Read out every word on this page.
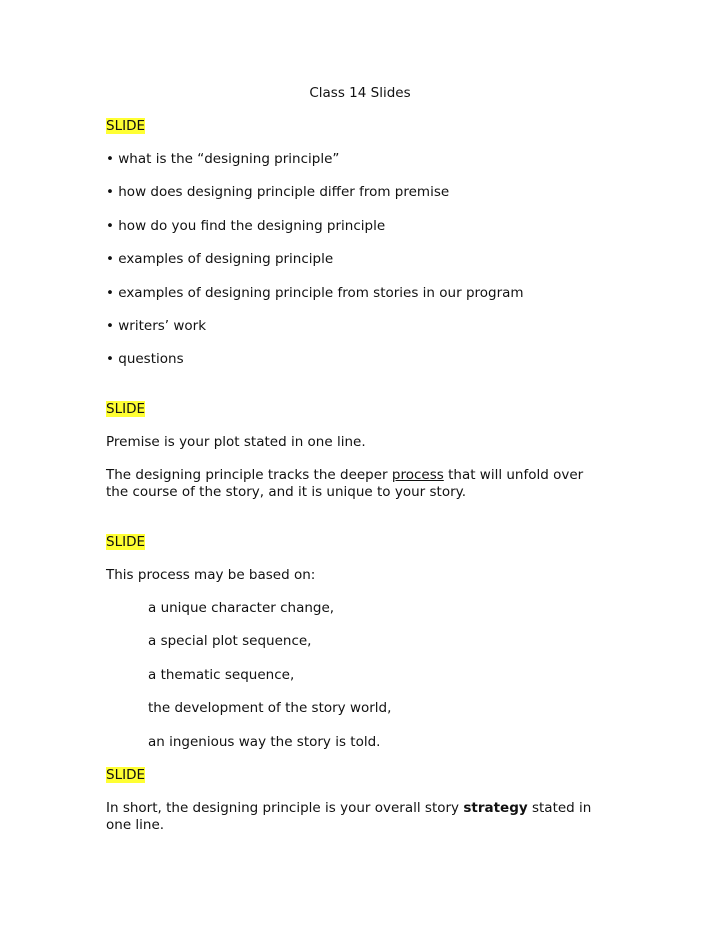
Class 14 Slides
SLIDE
• what is the “designing principle”
• how does designing principle differ from premise
• how do you find the designing principle
• examples of designing principle
• examples of designing principle from stories in our program
• writers’ work
• questions
SLIDE
Premise is your plot stated in one line.
The designing principle tracks the deeper process that will unfold over
the course of the story, and it is unique to your story.
SLIDE
This process may be based on:
a unique character change,
a special plot sequence,
a thematic sequence,
the development of the story world,
an ingenious way the story is told.
SLIDE
In short, the designing principle is your overall story strategy stated in
one line.
